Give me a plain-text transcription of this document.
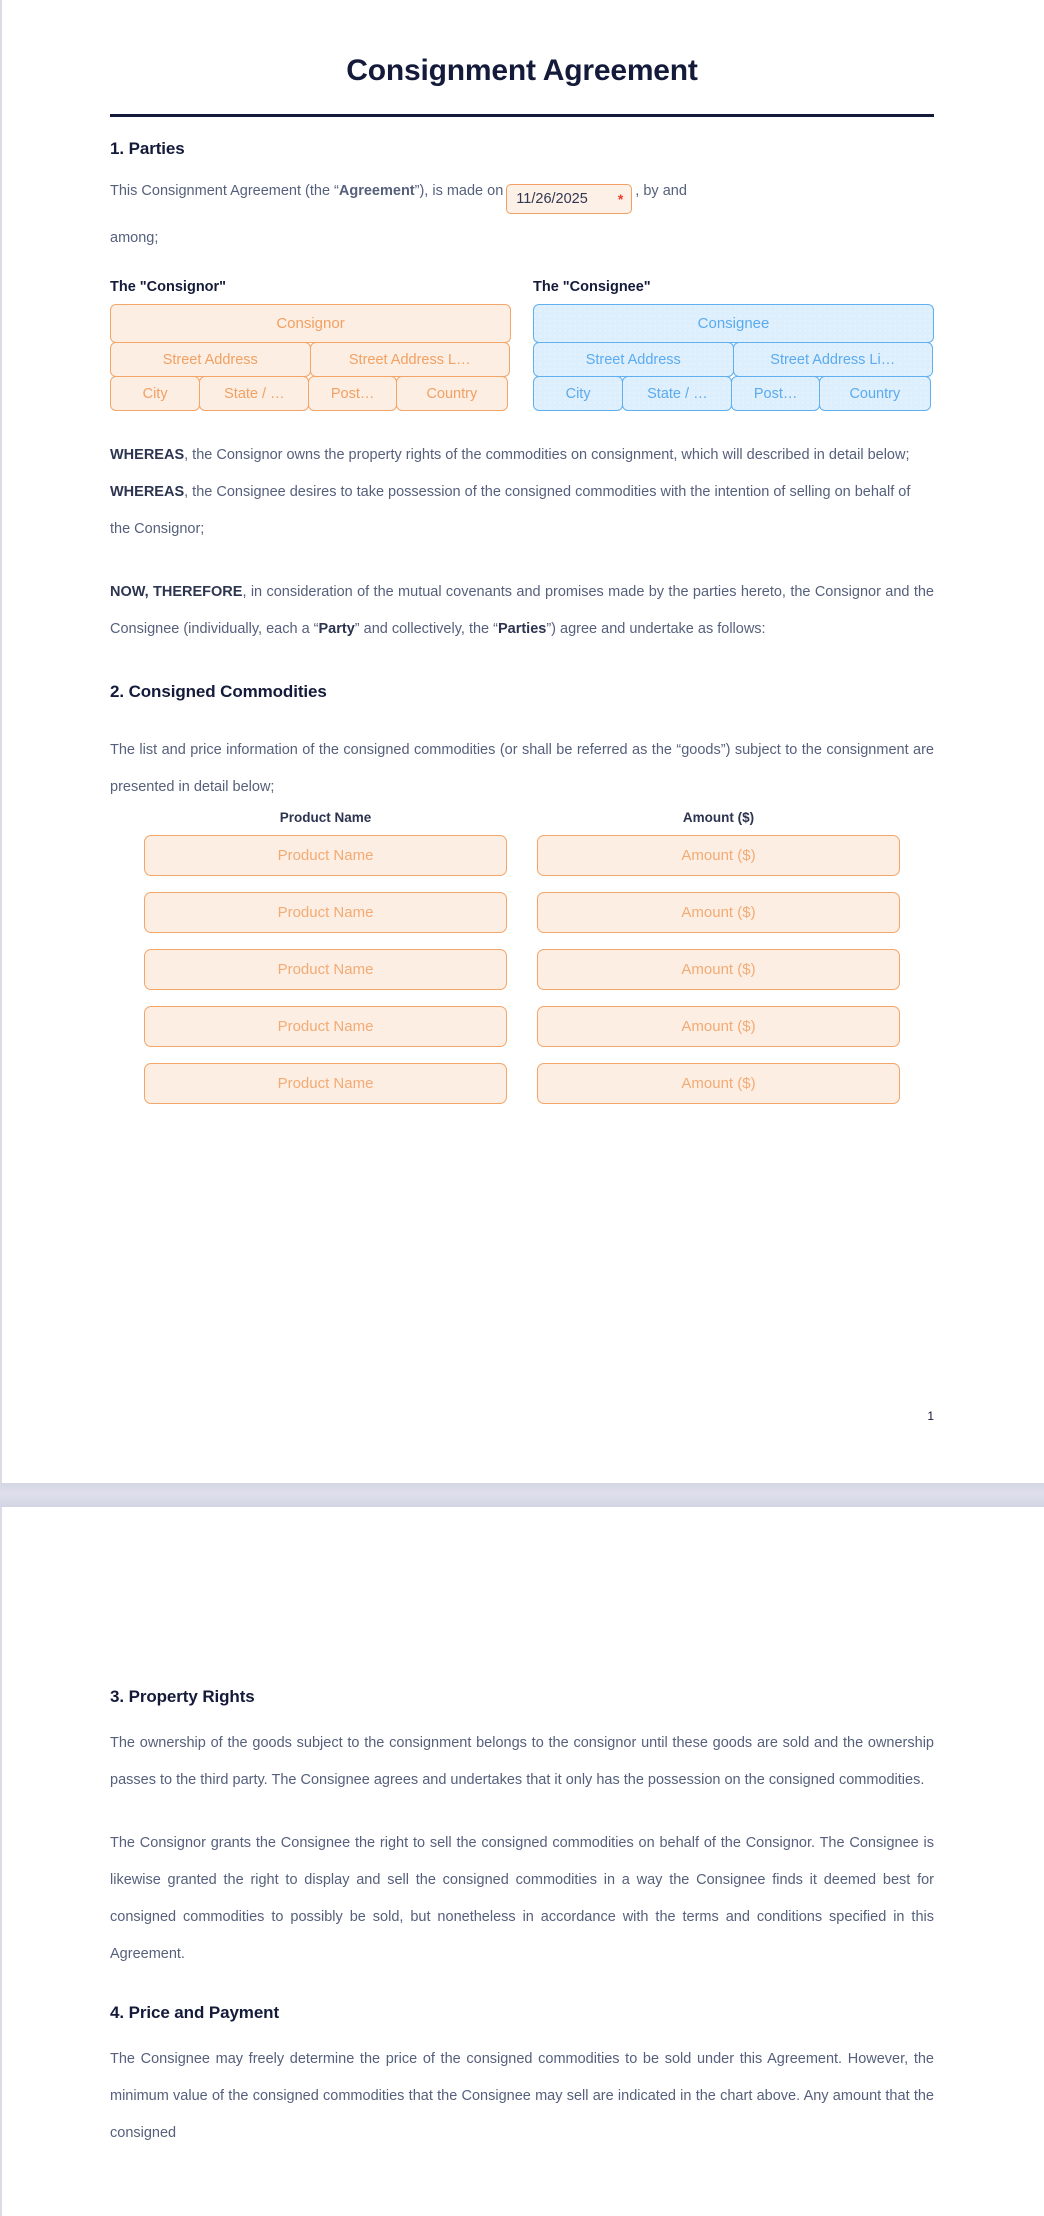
Consignment Agreement
1. Parties
This Consignment Agreement (the “Agreement”), is made on 11/26/2025 *
, by and
among;
The "Consignor"
Consignor
Street Address	Street Address L…
City	State / …	Post…	Country
The "Consignee"
Consignee
Street Address	Street Address Li…
City	State / …	Post…	Country

WHEREAS, the Consignor owns the property rights of the commodities on consignment, which will described in detail below;

WHEREAS, the Consignee desires to take possession of the consigned commodities with the intention of selling on behalf of the Consignor;

NOW, THEREFORE, in consideration of the mutual covenants and promises made by the parties hereto, the Consignor and the Consignee (individually, each a “Party” and collectively, the “Parties”) agree and undertake as follows:

2. Consigned Commodities

The list and price information of the consigned commodities (or shall be referred as the “goods”) subject to the consignment are presented in detail below;

Product Name	Amount ($)
Product Name	Amount ($)
Product Name	Amount ($)
Product Name	Amount ($)
Product Name	Amount ($)
Product Name	Amount ($)
1
3. Property Rights

The ownership of the goods subject to the consignment belongs to the consignor until these goods are sold and the ownership passes to the third party. The Consignee agrees and undertakes that it only has the possession on the consigned commodities.

The Consignor grants the Consignee the right to sell the consigned commodities on behalf of the Consignor. The Consignee is likewise granted the right to display and sell the consigned commodities in a way the Consignee finds it deemed best for consigned commodities to possibly be sold, but nonetheless in accordance with the terms and conditions specified in this Agreement.

4. Price and Payment

The Consignee may freely determine the price of the consigned commodities to be sold under this Agreement. However, the minimum value of the consigned commodities that the Consignee may sell are indicated in the chart above. Any amount that the consigned
